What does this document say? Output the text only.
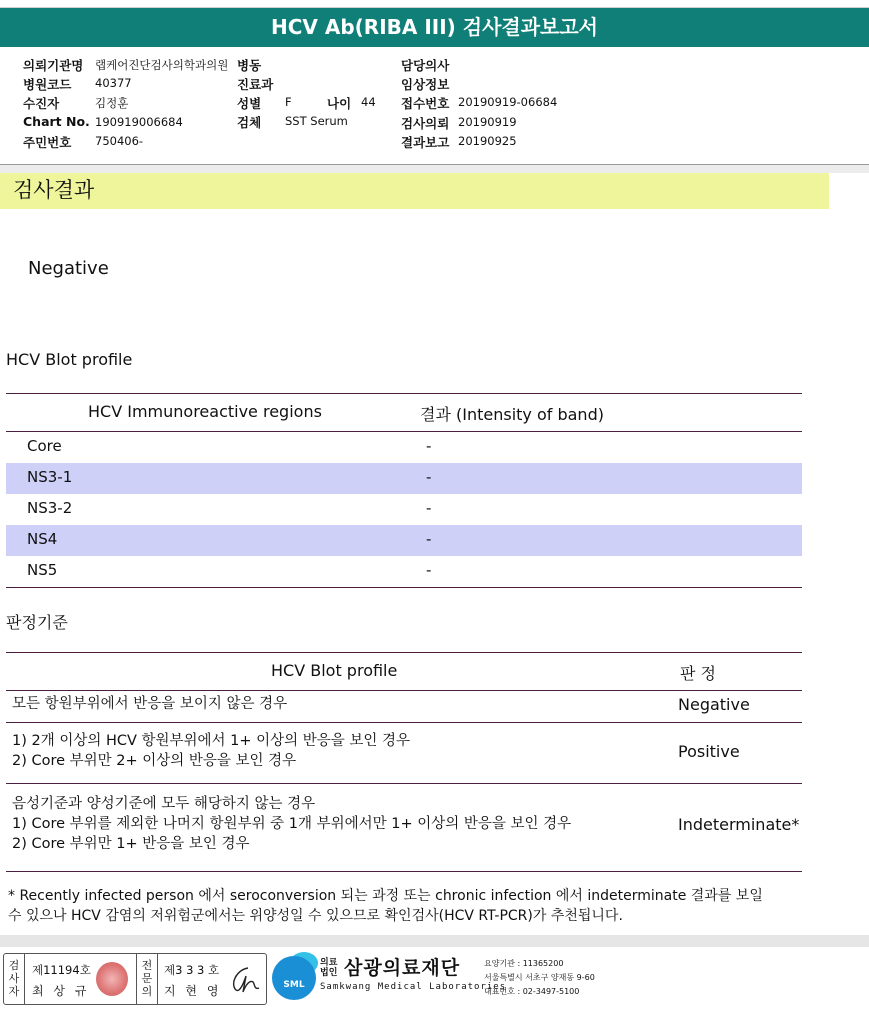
HCV Ab(RIBA III) 검사결과보고서
의뢰기관명 랩케어진단검사의학과의원 병동	담당의사
병원코드 40377	진료과	임상정보
수진자	김정훈	성별 F	나이 44 접수번호 20190919-06684
Chart No. 190919006684	검체 SST Serum	검사의뢰 20190919
주민번호 750406-	결과보고 20190925
검사결과
Negative
HCV Blot profile
HCV Immunoreactive regions	결과 (Intensity of band)
Core	-
NS3-1	-
NS3-2	-
NS4	-
NS5	-
판정기준
HCV Blot profile	판 정
모든 항원부위에서 반응을 보이지 않은 경우	Negative
1) 2개 이상의 HCV 항원부위에서 1+ 이상의 반응을 보인 경우
2) Core 부위만 2+ 이상의 반응을 보인 경우	Positive
음성기준과 양성기준에 모두 해당하지 않는 경우
1) Core 부위를 제외한 나머지 항원부위 중 1개 부위에서만 1+ 이상의 반응을 보인 경우
2) Core 부위만 1+ 반응을 보인 경우
Indeterminate*
* Recently infected person 에서 seroconversion 되는 과정 또는 chronic infection 에서 indeterminate 결과를 보일
수 있으나 HCV 감염의 저위험군에서는 위양성일 수 있으므로 확인검사(HCV RT-PCR)가 추천됩니다.
검사자
제11194호
최 상 규
전문의
제3 3 3 호
지 현 영	SML
의료
법인 삼광의료재단
Samkwang Medical Laboratories
요양기관 : 11365200
서울특별시 서초구 양재동 9-60
대표번호 : 02-3497-5100
